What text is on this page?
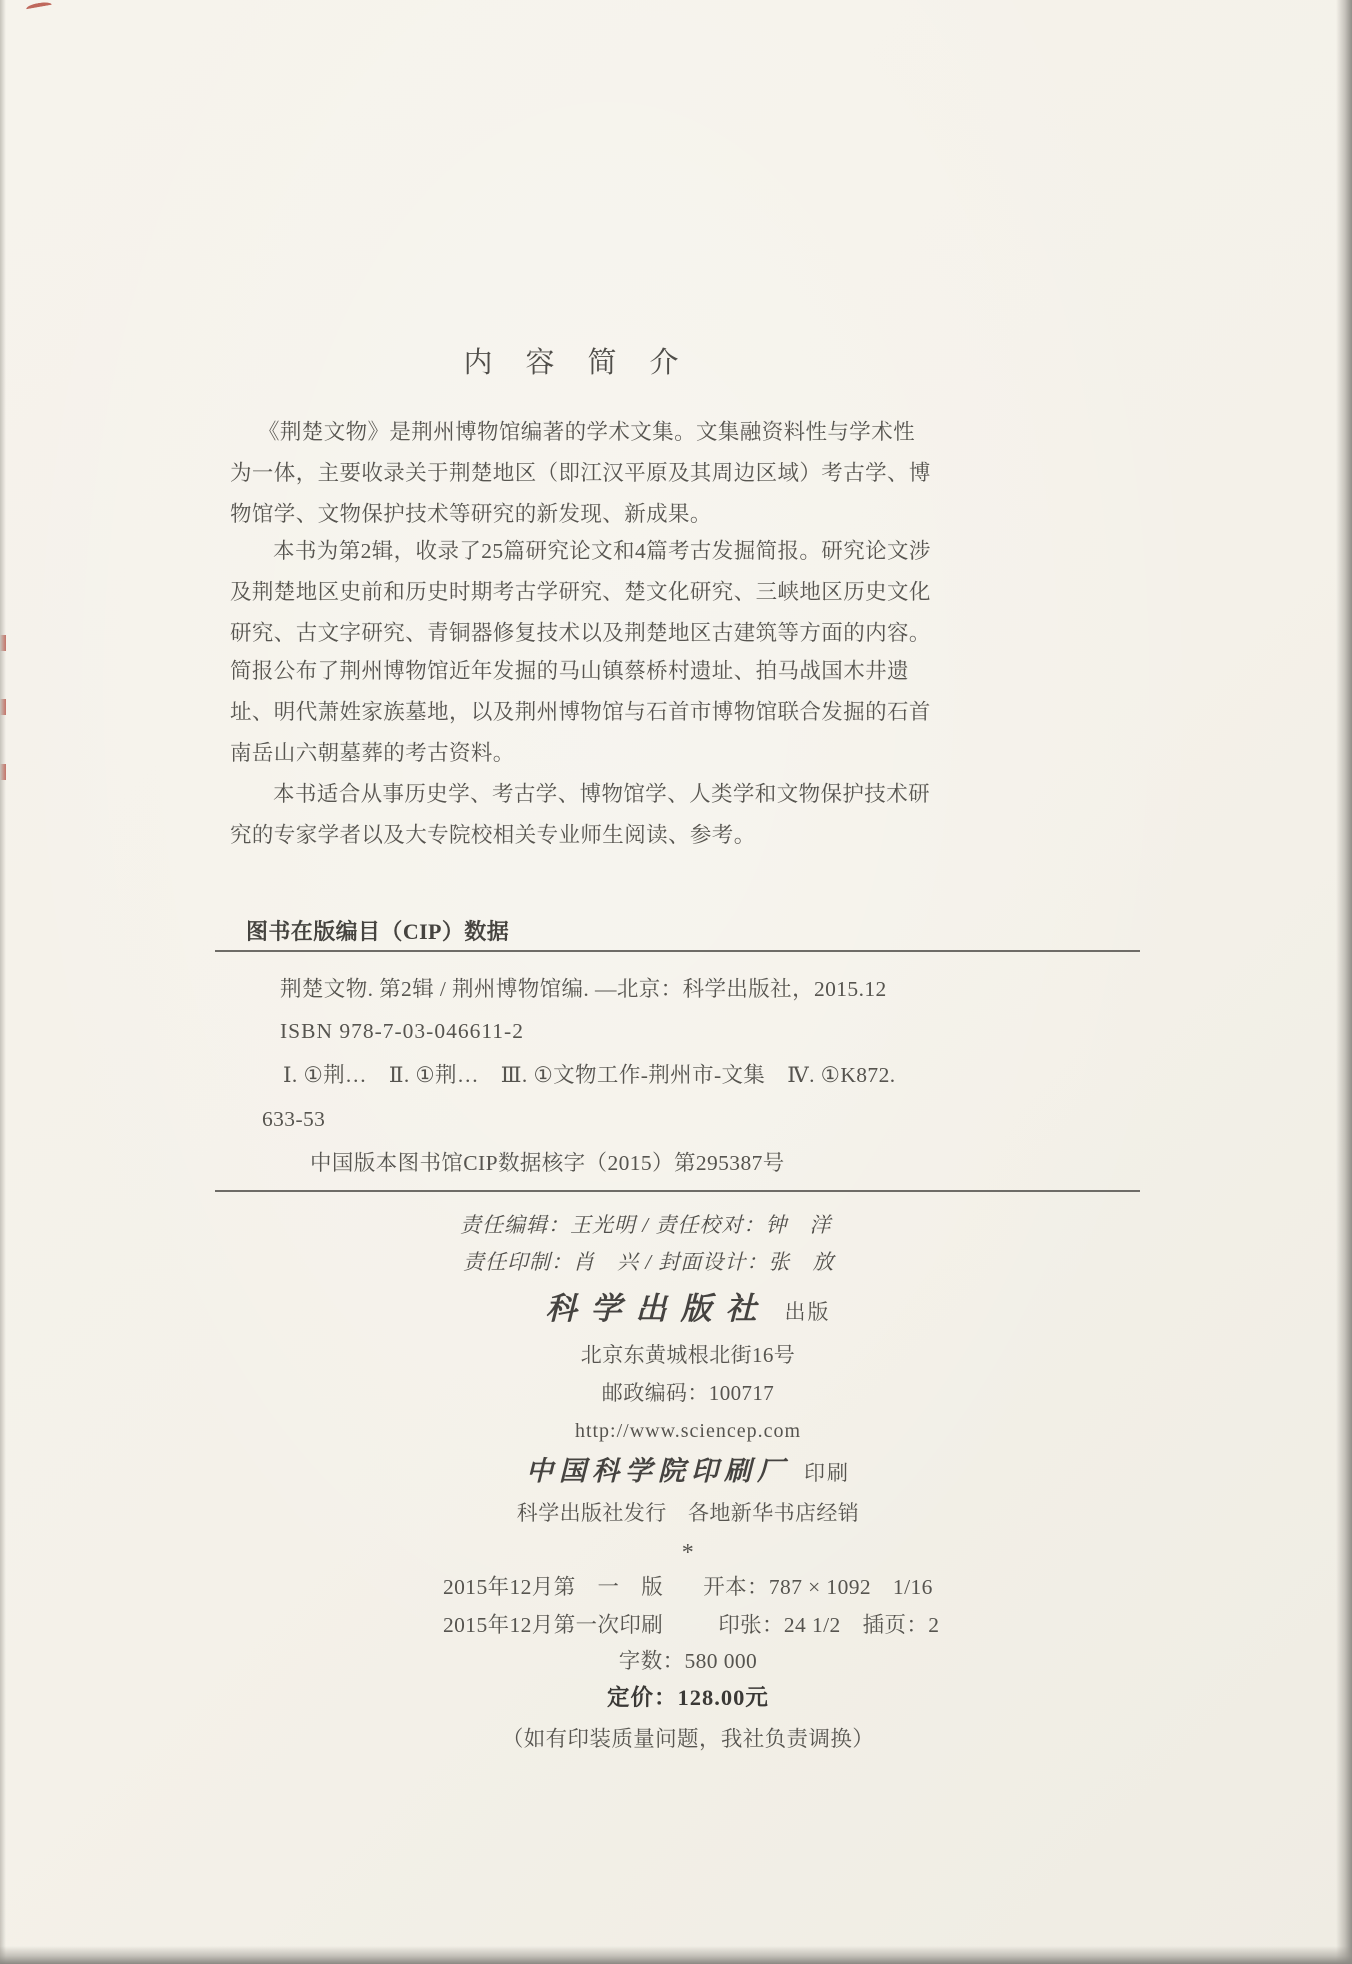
内　容　简　介
《荆楚文物》是荆州博物馆编著的学术文集。文集融资料性与学术性
为一体，主要收录关于荆楚地区（即江汉平原及其周边区域）考古学、博
物馆学、文物保护技术等研究的新发现、新成果。
本书为第2辑，收录了25篇研究论文和4篇考古发掘简报。研究论文涉
及荆楚地区史前和历史时期考古学研究、楚文化研究、三峡地区历史文化
研究、古文字研究、青铜器修复技术以及荆楚地区古建筑等方面的内容。
简报公布了荆州博物馆近年发掘的马山镇蔡桥村遗址、拍马战国木井遗
址、明代萧姓家族墓地，以及荆州博物馆与石首市博物馆联合发掘的石首
南岳山六朝墓葬的考古资料。
本书适合从事历史学、考古学、博物馆学、人类学和文物保护技术研
究的专家学者以及大专院校相关专业师生阅读、参考。
图书在版编目（CIP）数据
荆楚文物. 第2辑 / 荆州博物馆编. —北京：科学出版社，2015.12
ISBN 978-7-03-046611-2
Ⅰ. ①荆…　Ⅱ. ①荆…　Ⅲ. ①文物工作-荆州市-文集　Ⅳ. ①K872.
633-53
中国版本图书馆CIP数据核字（2015）第295387号
责任编辑：王光明 / 责任校对：钟　洋
责任印制：肖　兴 / 封面设计：张　放
科学出版社 出版
北京东黄城根北街16号
邮政编码：100717
http://www.sciencep.com
中国科学院印刷厂 印刷
科学出版社发行　各地新华书店经销
*
2015年12月第　一　版 开本：787 × 1092　1/16
2015年12月第一次印刷	印张：24 1/2　插页：2
字数：580 000
定价：128.00元
（如有印装质量问题，我社负责调换）
